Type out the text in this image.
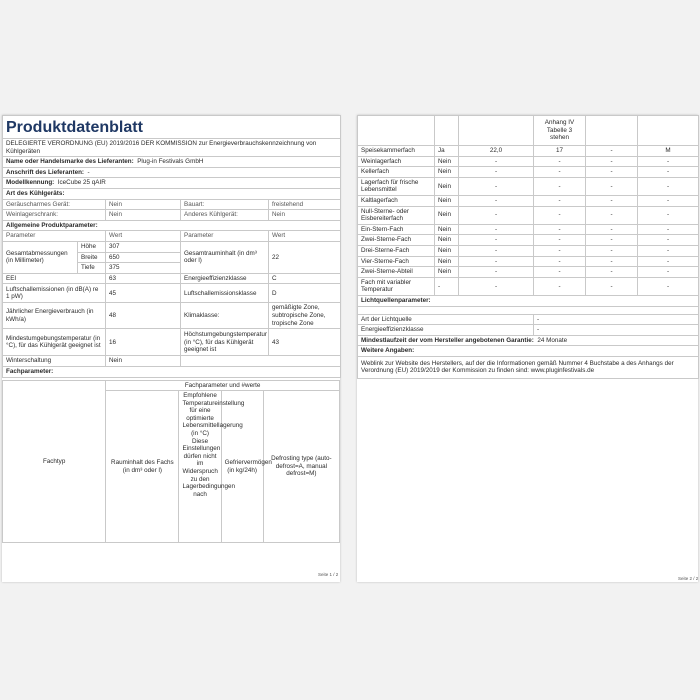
Produktdatenblatt				
DELEGIERTE VERORDNUNG (EU) 2019/2016 DER KOMMISSION zur Energieverbrauchskennzeichnung von Kühlgeräten				
Name oder Handelsmarke des Lieferanten: Plug-in Festivals GmbH				
Anschrift des Lieferanten: -				
Modellkennung: IceCube 25 qAIR				
Art des Kühlgeräts:				
Geräuscharmes Gerät:		Nein	Bauart:	freistehend
Weinlagerschrank:		Nein	Anderes Kühlgerät:	Nein
Allgemeine Produktparameter:				
Parameter		Wert	Parameter	Wert
Gesamtabmessungen (in Millimeter)	Höhe	307	Gesamtrauminhalt (in dm³ oder l)	22
	Breite	650		
	Tiefe	375		
EEI		63	Energieeffizienzklasse	C
Luftschallemissionen (in dB(A) re 1 pW)		45	Luftschallemissionsklasse	D
Jährlicher Energieverbrauch (in kWh/a)		48	Klimaklasse:	gemäßigte Zone, subtropische Zone, tropische Zone
Mindestumgebungstemperatur (in °C), für das Kühlgerät geeignet ist		16	Höchstumgebungstemperatur (in °C), für das Kühlgerät geeignet ist	43
Winterschaltung		Nein		
Fachparameter:				
Fachtyp	Fachparameter und #werte			
	Rauminhalt des Fachs (in dm³ oder l)	Empfohlene Temperatureinstellung für eine optimierte Lebensmittellagerung (in °C) Diese Einstellungen dürfen nicht im Widerspruch zu den Lagerbedingungen nach	Gefriervermögen (in kg/24h)	Defrosting type (auto-defrost=A, manual defrost=M)
Seite 1 / 2
			Anhang IV Tabelle 3 stehen		
Speisekammerfach	Ja	22,0	17	-	M
Weinlagerfach	Nein	-	-	-	-
Kellerfach	Nein	-	-	-	-
Lagerfach für frische Lebensmittel	Nein	-	-	-	-
Kaltlagerfach	Nein	-	-	-	-
Null-Sterne- oder Eisbereiterfach	Nein	-	-	-	-
Ein-Stern-Fach	Nein	-	-	-	-
Zwei-Sterne-Fach	Nein	-	-	-	-
Drei-Sterne-Fach	Nein	-	-	-	-
Vier-Sterne-Fach	Nein	-	-	-	-
Zwei-Sterne-Abteil	Nein	-	-	-	-
Fach mit variabler Temperatur	-	-	-	-	-
Lichtquellenparameter:					

Art der Lichtquelle			-		
Energieeffizienzklasse			-		
Mindestlaufzeit der vom Hersteller angebotenen Garantie: 24 Monate					
Weitere Angaben:					
Weblink zur Website des Herstellers, auf der die Informationen gemäß Nummer 4 Buchstabe a des Anhangs der Verordnung (EU) 2019/2019 der Kommission zu finden sind: www.pluginfestivals.de					
Seite 2 / 2
